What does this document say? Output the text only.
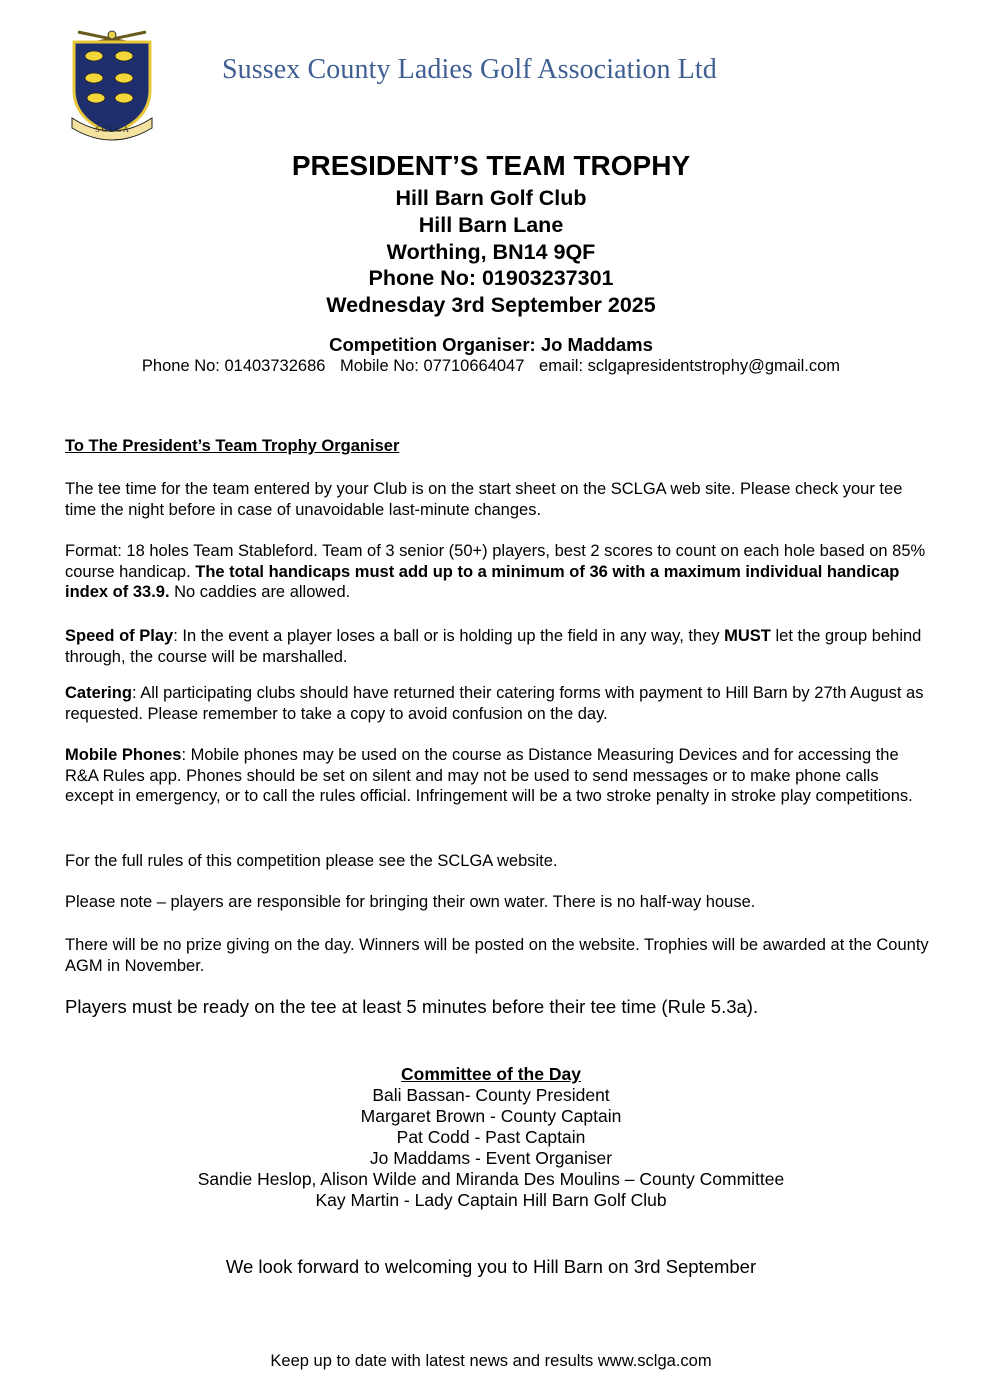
S C L G A
Sussex County Ladies Golf Association Ltd
PRESIDENT’S TEAM TROPHY
Hill Barn Golf Club
Hill Barn Lane
Worthing, BN14 9QF
Phone No: 01903237301
Wednesday 3rd September 2025
Competition Organiser: Jo Maddams
Phone No: 01403732686 Mobile No: 07710664047 email: sclgapresidentstrophy@gmail.com
To The President’s Team Trophy Organiser
The tee time for the team entered by your Club is on the start sheet on the SCLGA web site. Please check your tee time the night before in case of unavoidable last-minute changes.
Format: 18 holes Team Stableford. Team of 3 senior (50+) players, best 2 scores to count on each hole based on 85% course handicap. The total handicaps must add up to a minimum of 36 with a maximum individual handicap index of 33.9. No caddies are allowed.
Speed of Play: In the event a player loses a ball or is holding up the field in any way, they MUST let the group behind through, the course will be marshalled.
Catering: All participating clubs should have returned their catering forms with payment to Hill Barn by 27th August as requested. Please remember to take a copy to avoid confusion on the day.
Mobile Phones: Mobile phones may be used on the course as Distance Measuring Devices and for accessing the R&A Rules app. Phones should be set on silent and may not be used to send messages or to make phone calls except in emergency, or to call the rules official. Infringement will be a two stroke penalty in stroke play competitions.
For the full rules of this competition please see the SCLGA website.
Please note – players are responsible for bringing their own water. There is no half-way house.
There will be no prize giving on the day. Winners will be posted on the website. Trophies will be awarded at the County AGM in November.
Players must be ready on the tee at least 5 minutes before their tee time (Rule 5.3a).
Committee of the Day
Bali Bassan- County President
Margaret Brown - County Captain
Pat Codd - Past Captain
Jo Maddams - Event Organiser
Sandie Heslop, Alison Wilde and Miranda Des Moulins – County Committee
Kay Martin - Lady Captain Hill Barn Golf Club
We look forward to welcoming you to Hill Barn on 3rd September
Keep up to date with latest news and results www.sclga.com
